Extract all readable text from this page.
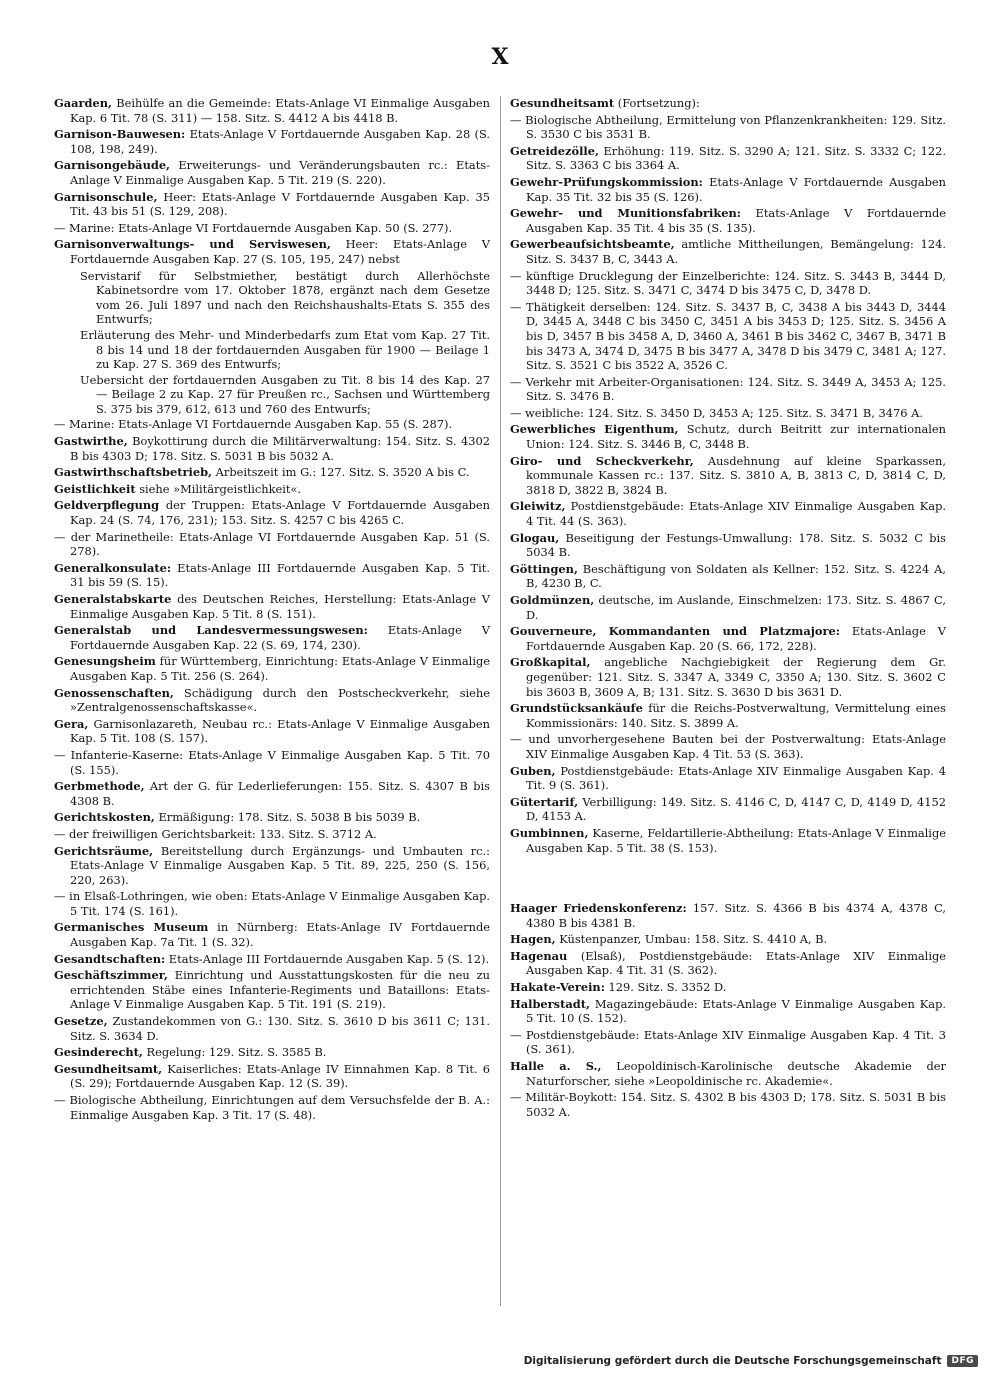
X
Gaarden, Beihülfe an die Gemeinde: Etats-Anlage VI Einmalige Ausgaben Kap. 6 Tit. 78 (S. 311) — 158. Sitz. S. 4412 A bis 4418 B.
Garnison-Bauwesen: Etats-Anlage V Fortdauernde Ausgaben Kap. 28 (S. 108, 198, 249).
Garnisongebäude, Erweiterungs- und Veränderungsbauten rc.: Etats-Anlage V Einmalige Ausgaben Kap. 5 Tit. 219 (S. 220).
Garnisonschule, Heer: Etats-Anlage V Fortdauernde Ausgaben Kap. 35 Tit. 43 bis 51 (S. 129, 208).
— Marine: Etats-Anlage VI Fortdauernde Ausgaben Kap. 50 (S. 277).
Garnisonverwaltungs- und Serviswesen, Heer: Etats-Anlage V Fortdauernde Ausgaben Kap. 27 (S. 105, 195, 247) nebst
Servistarif für Selbstmiether, bestätigt durch Allerhöchste Kabinetsordre vom 17. Oktober 1878, ergänzt nach dem Gesetze vom 26. Juli 1897 und nach den Reichshaushalts-Etats S. 355 des Entwurfs;
Erläuterung des Mehr- und Minderbedarfs zum Etat vom Kap. 27 Tit. 8 bis 14 und 18 der fortdauernden Ausgaben für 1900 — Beilage 1 zu Kap. 27 S. 369 des Entwurfs;
Uebersicht der fortdauernden Ausgaben zu Tit. 8 bis 14 des Kap. 27 — Beilage 2 zu Kap. 27 für Preußen rc., Sachsen und Württemberg S. 375 bis 379, 612, 613 und 760 des Entwurfs;
— Marine: Etats-Anlage VI Fortdauernde Ausgaben Kap. 55 (S. 287).
Gastwirthe, Boykottirung durch die Militärverwaltung: 154. Sitz. S. 4302 B bis 4303 D; 178. Sitz. S. 5031 B bis 5032 A.
Gastwirthschaftsbetrieb, Arbeitszeit im G.: 127. Sitz. S. 3520 A bis C.
Geistlichkeit siehe »Militärgeistlichkeit«.
Geldverpflegung der Truppen: Etats-Anlage V Fortdauernde Ausgaben Kap. 24 (S. 74, 176, 231); 153. Sitz. S. 4257 C bis 4265 C.
— der Marinetheile: Etats-Anlage VI Fortdauernde Ausgaben Kap. 51 (S. 278).
Generalkonsulate: Etats-Anlage III Fortdauernde Ausgaben Kap. 5 Tit. 31 bis 59 (S. 15).
Generalstabskarte des Deutschen Reiches, Herstellung: Etats-Anlage V Einmalige Ausgaben Kap. 5 Tit. 8 (S. 151).
Generalstab und Landesvermessungswesen: Etats-Anlage V Fortdauernde Ausgaben Kap. 22 (S. 69, 174, 230).
Genesungsheim für Württemberg, Einrichtung: Etats-Anlage V Einmalige Ausgaben Kap. 5 Tit. 256 (S. 264).
Genossenschaften, Schädigung durch den Postscheckverkehr, siehe »Zentralgenossenschaftskasse«.
Gera, Garnisonlazareth, Neubau rc.: Etats-Anlage V Einmalige Ausgaben Kap. 5 Tit. 108 (S. 157).
— Infanterie-Kaserne: Etats-Anlage V Einmalige Ausgaben Kap. 5 Tit. 70 (S. 155).
Gerbmethode, Art der G. für Lederlieferungen: 155. Sitz. S. 4307 B bis 4308 B.
Gerichtskosten, Ermäßigung: 178. Sitz. S. 5038 B bis 5039 B.
— der freiwilligen Gerichtsbarkeit: 133. Sitz. S. 3712 A.
Gerichtsräume, Bereitstellung durch Ergänzungs- und Umbauten rc.: Etats-Anlage V Einmalige Ausgaben Kap. 5 Tit. 89, 225, 250 (S. 156, 220, 263).
— in Elsaß-Lothringen, wie oben: Etats-Anlage V Einmalige Ausgaben Kap. 5 Tit. 174 (S. 161).
Germanisches Museum in Nürnberg: Etats-Anlage IV Fortdauernde Ausgaben Kap. 7a Tit. 1 (S. 32).
Gesandtschaften: Etats-Anlage III Fortdauernde Ausgaben Kap. 5 (S. 12).
Geschäftszimmer, Einrichtung und Ausstattungskosten für die neu zu errichtenden Stäbe eines Infanterie-Regiments und Bataillons: Etats-Anlage V Einmalige Ausgaben Kap. 5 Tit. 191 (S. 219).
Gesetze, Zustandekommen von G.: 130. Sitz. S. 3610 D bis 3611 C; 131. Sitz. S. 3634 D.
Gesinderecht, Regelung: 129. Sitz. S. 3585 B.
Gesundheitsamt, Kaiserliches: Etats-Anlage IV Einnahmen Kap. 8 Tit. 6 (S. 29); Fortdauernde Ausgaben Kap. 12 (S. 39).
— Biologische Abtheilung, Einrichtungen auf dem Versuchsfelde der B. A.: Einmalige Ausgaben Kap. 3 Tit. 17 (S. 48).
Gesundheitsamt (Fortsetzung):
— Biologische Abtheilung, Ermittelung von Pflanzenkrankheiten: 129. Sitz. S. 3530 C bis 3531 B.
Getreidezölle, Erhöhung: 119. Sitz. S. 3290 A; 121. Sitz. S. 3332 C; 122. Sitz. S. 3363 C bis 3364 A.
Gewehr-Prüfungskommission: Etats-Anlage V Fortdauernde Ausgaben Kap. 35 Tit. 32 bis 35 (S. 126).
Gewehr- und Munitionsfabriken: Etats-Anlage V Fortdauernde Ausgaben Kap. 35 Tit. 4 bis 35 (S. 135).
Gewerbeaufsichtsbeamte, amtliche Mittheilungen, Bemängelung: 124. Sitz. S. 3437 B, C, 3443 A.
— künftige Drucklegung der Einzelberichte: 124. Sitz. S. 3443 B, 3444 D, 3448 D; 125. Sitz. S. 3471 C, 3474 D bis 3475 C, D, 3478 D.
— Thätigkeit derselben: 124. Sitz. S. 3437 B, C, 3438 A bis 3443 D, 3444 D, 3445 A, 3448 C bis 3450 C, 3451 A bis 3453 D; 125. Sitz. S. 3456 A bis D, 3457 B bis 3458 A, D, 3460 A, 3461 B bis 3462 C, 3467 B, 3471 B bis 3473 A, 3474 D, 3475 B bis 3477 A, 3478 D bis 3479 C, 3481 A; 127. Sitz. S. 3521 C bis 3522 A, 3526 C.
— Verkehr mit Arbeiter-Organisationen: 124. Sitz. S. 3449 A, 3453 A; 125. Sitz. S. 3476 B.
— weibliche: 124. Sitz. S. 3450 D, 3453 A; 125. Sitz. S. 3471 B, 3476 A.
Gewerbliches Eigenthum, Schutz, durch Beitritt zur internationalen Union: 124. Sitz. S. 3446 B, C, 3448 B.
Giro- und Scheckverkehr, Ausdehnung auf kleine Sparkassen, kommunale Kassen rc.: 137. Sitz. S. 3810 A, B, 3813 C, D, 3814 C, D, 3818 D, 3822 B, 3824 B.
Gleiwitz, Postdienstgebäude: Etats-Anlage XIV Einmalige Ausgaben Kap. 4 Tit. 44 (S. 363).
Glogau, Beseitigung der Festungs-Umwallung: 178. Sitz. S. 5032 C bis 5034 B.
Göttingen, Beschäftigung von Soldaten als Kellner: 152. Sitz. S. 4224 A, B, 4230 B, C.
Goldmünzen, deutsche, im Auslande, Einschmelzen: 173. Sitz. S. 4867 C, D.
Gouverneure, Kommandanten und Platzmajore: Etats-Anlage V Fortdauernde Ausgaben Kap. 20 (S. 66, 172, 228).
Großkapital, angebliche Nachgiebigkeit der Regierung dem Gr. gegenüber: 121. Sitz. S. 3347 A, 3349 C, 3350 A; 130. Sitz. S. 3602 C bis 3603 B, 3609 A, B; 131. Sitz. S. 3630 D bis 3631 D.
Grundstücksankäufe für die Reichs-Postverwaltung, Vermittelung eines Kommissionärs: 140. Sitz. S. 3899 A.
— und unvorhergesehene Bauten bei der Postverwaltung: Etats-Anlage XIV Einmalige Ausgaben Kap. 4 Tit. 53 (S. 363).
Guben, Postdienstgebäude: Etats-Anlage XIV Einmalige Ausgaben Kap. 4 Tit. 9 (S. 361).
Gütertarif, Verbilligung: 149. Sitz. S. 4146 C, D, 4147 C, D, 4149 D, 4152 D, 4153 A.
Gumbinnen, Kaserne, Feldartillerie-Abtheilung: Etats-Anlage V Einmalige Ausgaben Kap. 5 Tit. 38 (S. 153).
Haager Friedenskonferenz: 157. Sitz. S. 4366 B bis 4374 A, 4378 C, 4380 B bis 4381 B.
Hagen, Küstenpanzer, Umbau: 158. Sitz. S. 4410 A, B.
Hagenau (Elsaß), Postdienstgebäude: Etats-Anlage XIV Einmalige Ausgaben Kap. 4 Tit. 31 (S. 362).
Hakate-Verein: 129. Sitz. S. 3352 D.
Halberstadt, Magazingebäude: Etats-Anlage V Einmalige Ausgaben Kap. 5 Tit. 10 (S. 152).
— Postdienstgebäude: Etats-Anlage XIV Einmalige Ausgaben Kap. 4 Tit. 3 (S. 361).
Halle a. S., Leopoldinisch-Karolinische deutsche Akademie der Naturforscher, siehe »Leopoldinische rc. Akademie«.
— Militär-Boykott: 154. Sitz. S. 4302 B bis 4303 D; 178. Sitz. S. 5031 B bis 5032 A.
Digitalisierung gefördert durch die Deutsche Forschungsgemeinschaft	DFG
